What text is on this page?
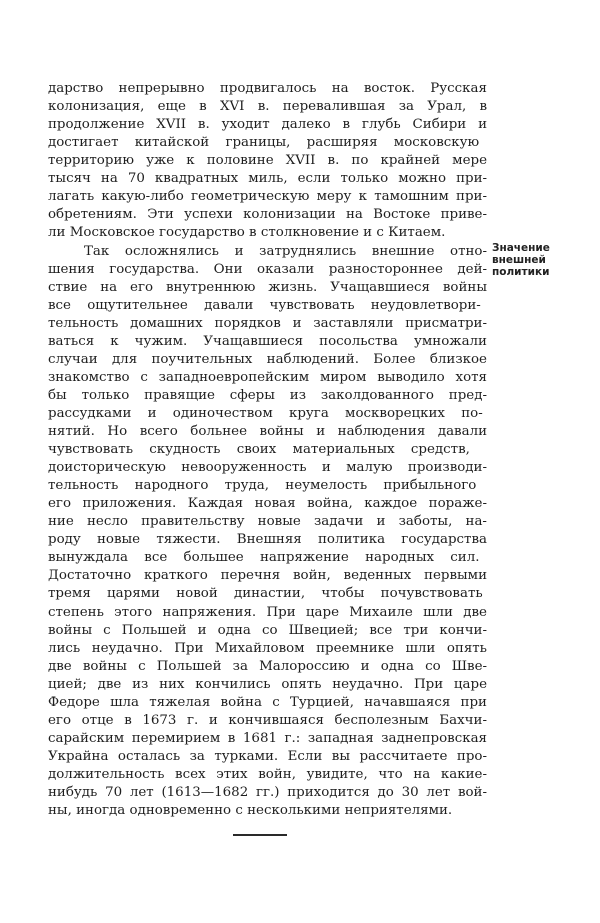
дарство непрерывно продвигалось на восток. Русская
колонизация, еще в XVI в. перевалившая за Урал, в
продолжение XVII в. уходит далеко в глубь Сибири и
достигает китайской границы, расширяя московскую
территорию уже к половине XVII в. по крайней мере
тысяч на 70 квадратных миль, если только можно при-
лагать какую-либо геометрическую меру к тамошним при-
обретениям. Эти успехи колонизации на Востоке приве-
ли Московское государство в столкновение и с Китаем.
Так осложнялись и затруднялись внешние отно-
шения государства. Они оказали разностороннее дей-
ствие на его внутреннюю жизнь. Учащавшиеся войны
все ощутительнее давали чувствовать неудовлетвори-
тельность домашних порядков и заставляли присматри-
ваться к чужим. Учащавшиеся посольства умножали
случаи для поучительных наблюдений. Более близкое
знакомство с западноевропейским миром выводило хотя
бы только правящие сферы из заколдованного пред-
рассудками и одиночеством круга москворецких по-
нятий. Но всего больнее войны и наблюдения давали
чувствовать скудность своих материальных средств,
доисторическую невооруженность и малую производи-
тельность народного труда, неумелость прибыльного
его приложения. Каждая новая война, каждое пораже-
ние несло правительству новые задачи и заботы, на-
роду новые тяжести. Внешняя политика государства
вынуждала все большее напряжение народных сил.
Достаточно краткого перечня войн, веденных первыми
тремя царями новой династии, чтобы почувствовать
степень этого напряжения. При царе Михаиле шли две
войны с Польшей и одна со Швецией; все три кончи-
лись неудачно. При Михайловом преемнике шли опять
две войны с Польшей за Малороссию и одна со Шве-
цией; две из них кончились опять неудачно. При царе
Федоре шла тяжелая война с Турцией, начавшаяся при
его отце в 1673 г. и кончившаяся бесполезным Бахчи-
сарайским перемирием в 1681 г.: западная заднепровская
Украйна осталась за турками. Если вы рассчитаете про-
должительность всех этих войн, увидите, что на какие-
нибудь 70 лет (1613—1682 гг.) приходится до 30 лет вой-
ны, иногда одновременно с несколькими неприятелями.
Значение
внешней
политики
